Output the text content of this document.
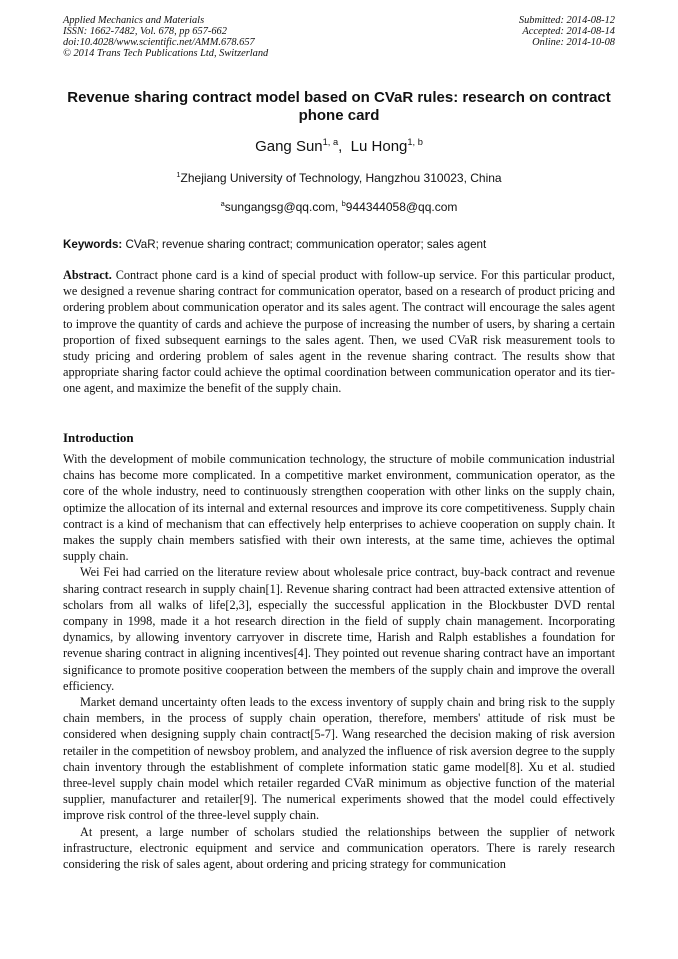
Applied Mechanics and Materials
ISSN: 1662-7482, Vol. 678, pp 657-662
doi:10.4028/www.scientific.net/AMM.678.657
© 2014 Trans Tech Publications Ltd, Switzerland
Submitted: 2014-08-12
Accepted: 2014-08-14
Online: 2014-10-08
Revenue sharing contract model based on CVaR rules: research on contract phone card
Gang Sun$^{1, a}$, Lu Hong$^{1, b}$
$^1$Zhejiang University of Technology, Hangzhou 310023, China
$^a$sungangsg@qq.com, $^b$944344058@qq.com
Keywords: CVaR; revenue sharing contract; communication operator; sales agent

Abstract. Contract phone card is a kind of special product with follow-up service. For this particular product, we designed a revenue sharing contract for communication operator, based on a research of product pricing and ordering problem about communication operator and its sales agent. The contract will encourage the sales agent to improve the quantity of cards and achieve the purpose of increasing the number of users, by sharing a certain proportion of fixed subsequent earnings to the sales agent. Then, we used CVaR risk measurement tools to study pricing and ordering problem of sales agent in the revenue sharing contract. The results show that appropriate sharing factor could achieve the optimal coordination between communication operator and its tier-one agent, and maximize the benefit of the supply chain.

Introduction

With the development of mobile communication technology, the structure of mobile communication industrial chains has become more complicated. In a competitive market environment, communication operator, as the core of the whole industry, need to continuously strengthen cooperation with other links on the supply chain, optimize the allocation of its internal and external resources and improve its core competitiveness. Supply chain contract is a kind of mechanism that can effectively help enterprises to achieve cooperation on supply chain. It makes the supply chain members satisfied with their own interests, at the same time, achieves the optimal supply chain.

Wei Fei had carried on the literature review about wholesale price contract, buy-back contract and revenue sharing contract research in supply chain[1]. Revenue sharing contract had been attracted extensive attention of scholars from all walks of life[2,3], especially the successful application in the Blockbuster DVD rental company in 1998, made it a hot research direction in the field of supply chain management. Incorporating dynamics, by allowing inventory carryover in discrete time, Harish and Ralph establishes a foundation for revenue sharing contract in aligning incentives[4]. They pointed out revenue sharing contract have an important significance to promote positive cooperation between the members of the supply chain and improve the overall efficiency.

Market demand uncertainty often leads to the excess inventory of supply chain and bring risk to the supply chain members, in the process of supply chain operation, therefore, members' attitude of risk must be considered when designing supply chain contract[5-7]. Wang researched the decision making of risk aversion retailer in the competition of newsboy problem, and analyzed the influence of risk aversion degree to the supply chain inventory through the establishment of complete information static game model[8]. Xu et al. studied three-level supply chain model which retailer regarded CVaR minimum as objective function of the material supplier, manufacturer and retailer[9]. The numerical experiments showed that the model could effectively improve risk control of the three-level supply chain.

At present, a large number of scholars studied the relationships between the supplier of network infrastructure, electronic equipment and service and communication operators. There is rarely research considering the risk of sales agent, about ordering and pricing strategy for communication
